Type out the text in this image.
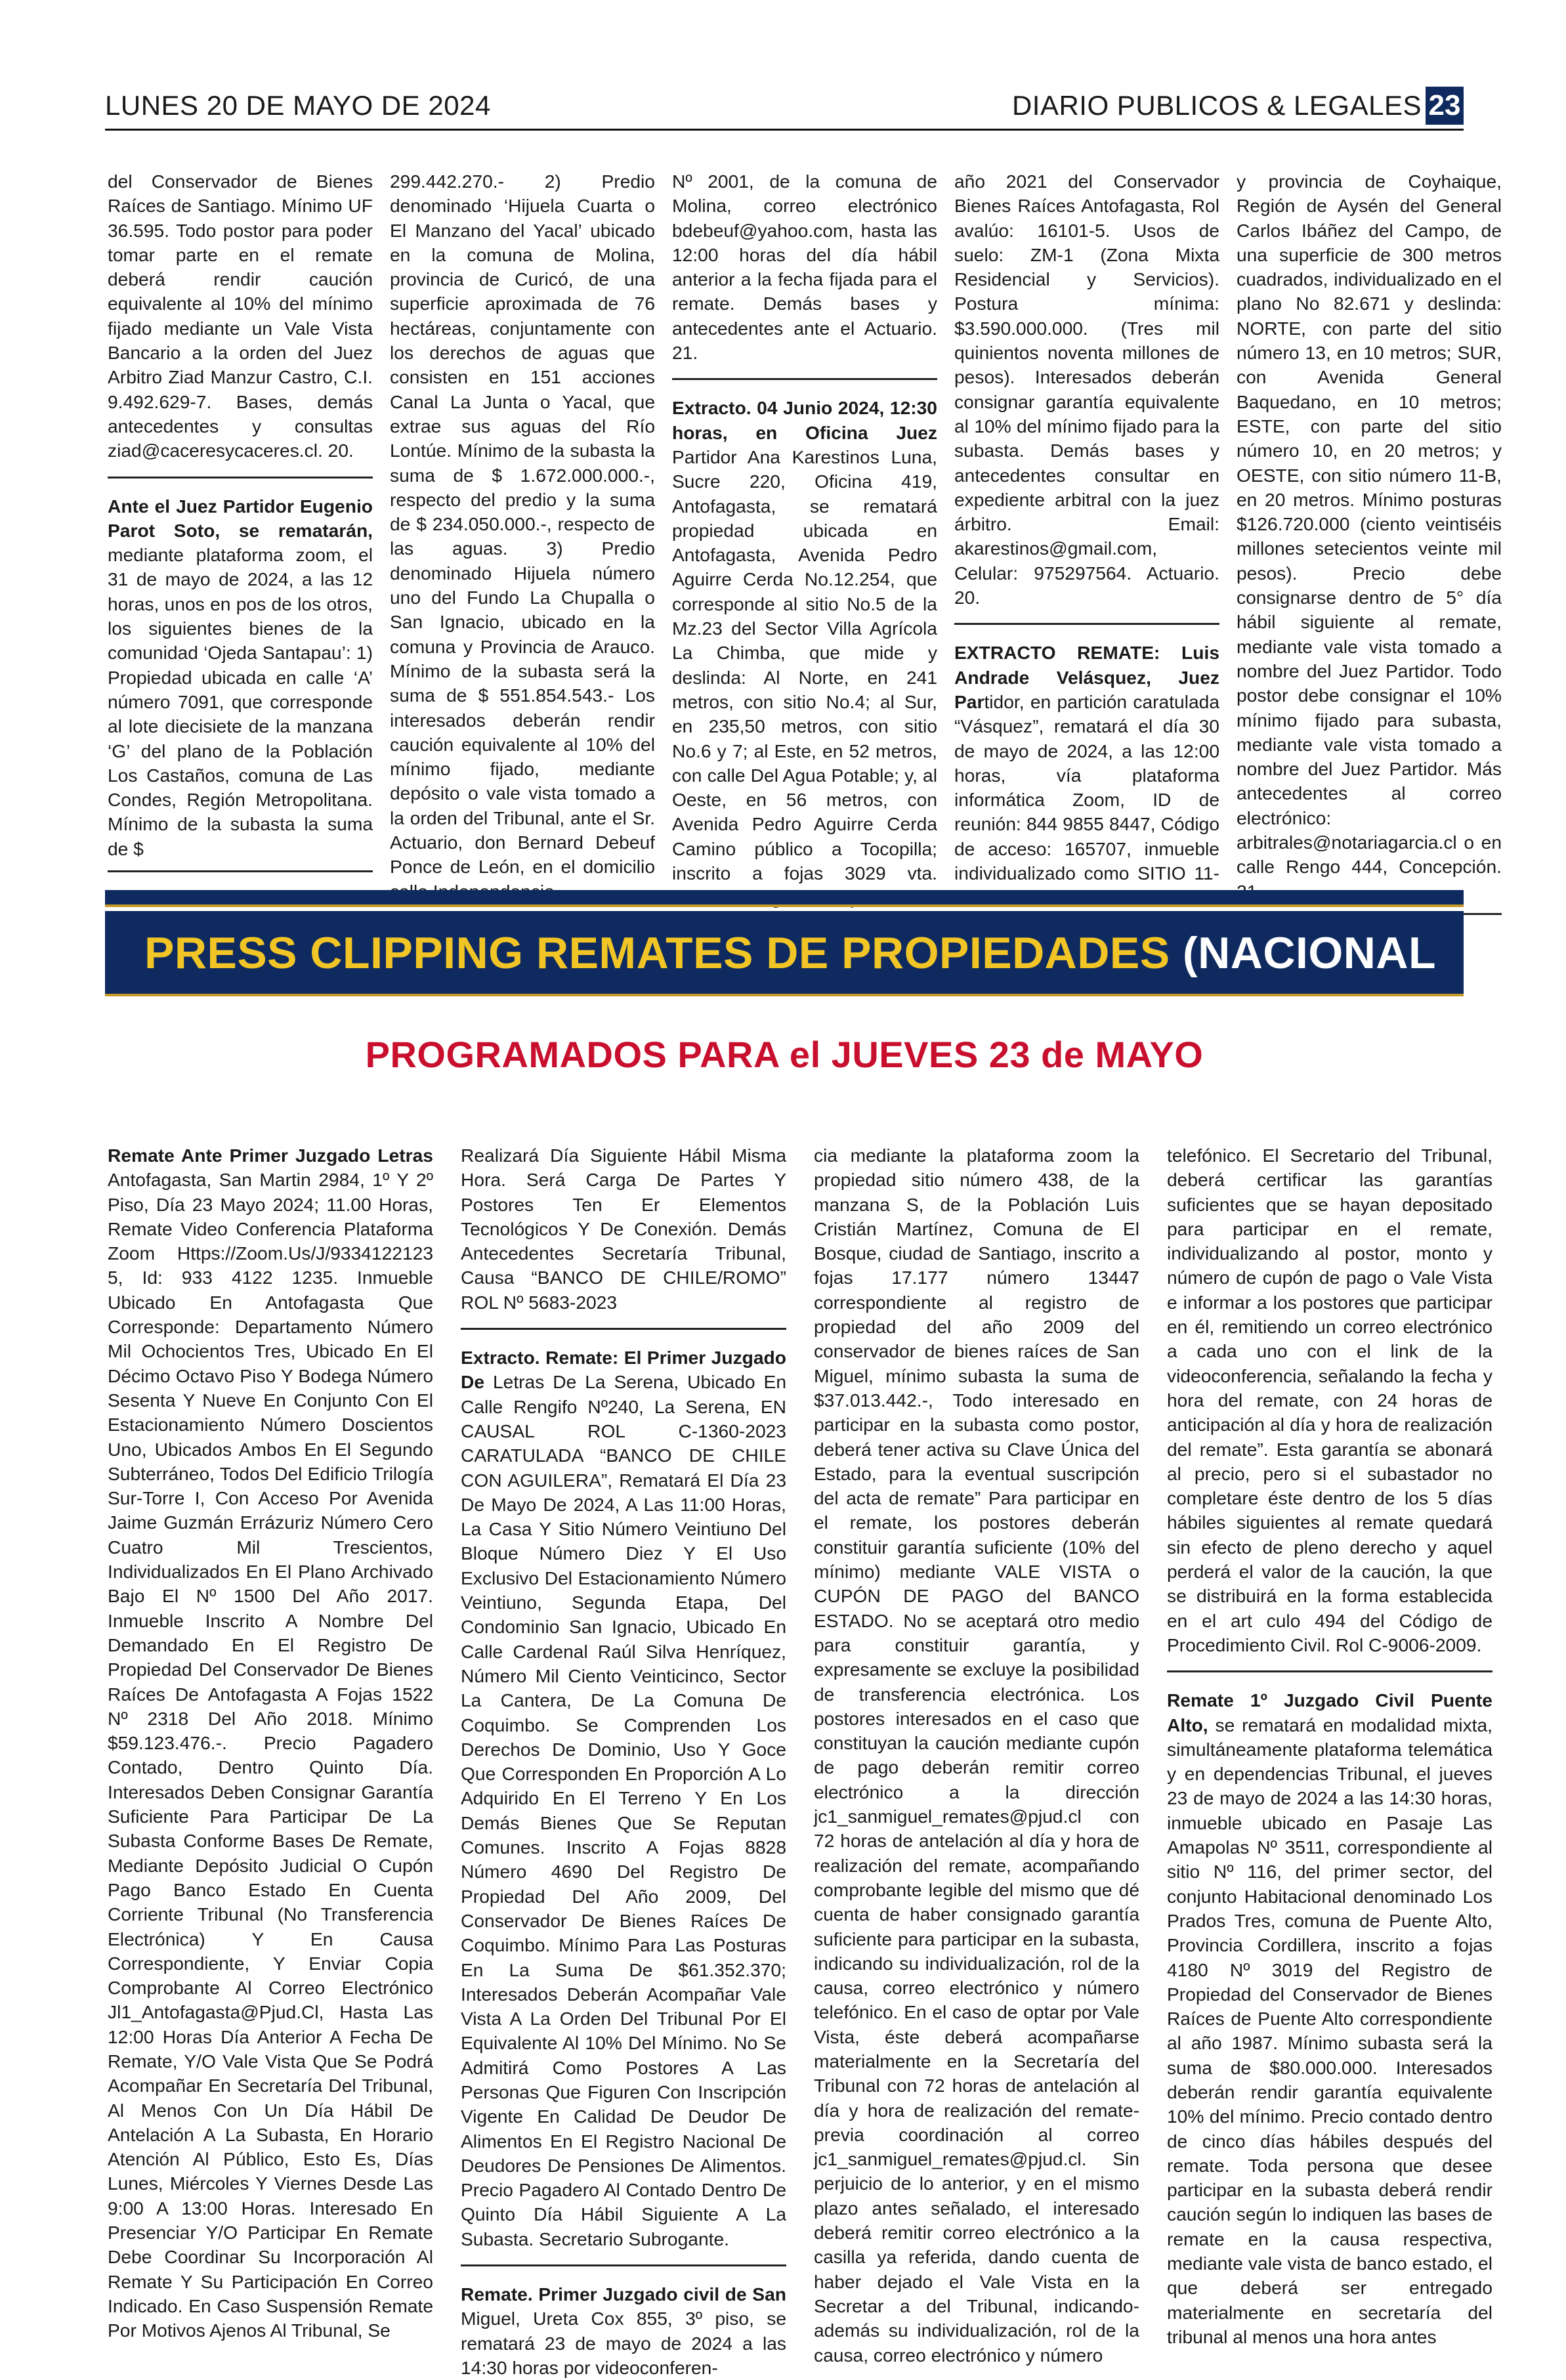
LUNES 20 DE MAYO DE 2024	DIARIO PUBLICOS & LEGALES 23

del Conservador de Bienes Raíces de Santiago. Mínimo UF 36.595. Todo postor para poder tomar parte en el remate deberá rendir caución equivalente al 10% del mínimo fijado mediante un Vale Vista Bancario a la orden del Juez Arbitro Ziad Manzur Castro, C.I. 9.492.629-7. Bases, demás antecedentes y consultas ziad@caceresycaceres.cl. 20.

Ante el Juez Partidor Eugenio Parot Soto, se rematarán, mediante plataforma zoom, el 31 de mayo de 2024, a las 12 horas, unos en pos de los otros, los siguientes bienes de la comunidad ‘Ojeda Santapau’: 1) Propiedad ubicada en calle ‘A’ número 7091, que corresponde al lote diecisiete de la manzana ‘G’ del plano de la Población Los Castaños, comuna de Las Condes, Región Metropolitana. Mínimo de la subasta la suma de $

299.442.270.- 2) Predio denominado ‘Hijuela Cuarta o El Manzano del Yacal’ ubicado en la comuna de Molina, provincia de Curicó, de una superficie aproximada de 76 hectáreas, conjuntamente con los derechos de aguas que consisten en 151 acciones Canal La Junta o Yacal, que extrae sus aguas del Río Lontúe. Mínimo de la subasta la suma de $ 1.672.000.000.-, respecto del predio y la suma de $ 234.050.000.-, respecto de las aguas. 3) Predio denominado Hijuela número uno del Fundo La Chupalla o San Ignacio, ubicado en la comuna y Provincia de Arauco. Mínimo de la subasta será la suma de $ 551.854.543.- Los interesados deberán rendir caución equivalente al 10% del mínimo fijado, mediante depósito o vale vista tomado a la orden del Tribunal, ante el Sr. Actuario, don Bernard Debeuf Ponce de León, en el domicilio

Nº 2001, de la comuna de Molina, correo electrónico bdebeuf@yahoo.com, hasta las 12:00 horas del día hábil anterior a la fecha fijada para el remate. Demás bases y antecedentes ante el Actuario. 21.

Extracto. 04 Junio 2024, 12:30 horas, en Oficina Juez Partidor Ana Karestinos Luna, Sucre 220, Oficina 419, Antofagasta, se rematará propiedad ubicada en Antofagasta, Avenida Pedro Aguirre Cerda No.12.254, que corresponde al sitio No.5 de la Mz.23 del Sector Villa Agrícola La Chimba, que mide y deslinda: Al Norte, en 241 metros, con sitio No.4; al Sur, en 235,50 metros, con sitio No.6 y 7; al Este, en 52 metros, con calle Del Agua Potable; y, al Oeste, en 56 metros, con Avenida Pedro Aguirre Cerda Camino público a Tocopilla; inscrito a fojas 3029 vta.

año 2021 del Conservador Bienes Raíces Antofagasta, Rol avalúo: 16101-5. Usos de suelo: ZM-1 (Zona Mixta Residencial y Servicios). Postura mínima: $3.590.000.000. (Tres mil quinientos noventa millones de pesos). Interesados deberán consignar garantía equivalente al 10% del mínimo fijado para la subasta. Demás bases y antecedentes consultar en expediente arbitral con la juez árbitro. Email: akarestinos@gmail.com, Celular: 975297564. Actuario. 20.

EXTRACTO REMATE: Luis Andrade Velásquez, Juez Partidor, en partición caratulada “Vásquez”, rematará el día 30 de mayo de 2024, a las 12:00 horas, vía plataforma informática Zoom, ID de reunión: 844 9855 8447, Código de acceso: 165707, inmueble individualizado como SITIO 11-

y provincia de Coyhaique, Región de Aysén del General Carlos Ibáñez del Campo, de una superficie de 300 metros cuadrados, individualizado en el plano No 82.671 y deslinda: NORTE, con parte del sitio número 13, en 10 metros; SUR, con Avenida General Baquedano, en 10 metros; ESTE, con parte del sitio número 10, en 20 metros; y OESTE, con sitio número 11-B, en 20 metros. Mínimo posturas $126.720.000 (ciento veintiséis millones setecientos veinte mil pesos). Precio debe consignarse dentro de 5° día hábil siguiente al remate, mediante vale vista tomado a nombre del Juez Partidor. Todo postor debe consignar el 10% mínimo fijado para subasta, mediante vale vista tomado a nombre del Juez Partidor. Más antecedentes al correo electrónico: arbitrales@notariagarcia.cl o en calle Rengo 444, Concepción.

PRESS CLIPPING REMATES DE PROPIEDADES (NACIONAL
PROGRAMADOS PARA el JUEVES 23 de MAYO

Remate Ante Primer Juzgado Letras Antofagasta, San Martin 2984, 1º Y 2º Piso, Día 23 Mayo 2024; 11.00 Horas, Remate Video Conferencia Plataforma Zoom Https://Zoom.Us/J/9334122123 5, Id: 933 4122 1235. Inmueble Ubicado En Antofagasta Que Corresponde: Departamento Número Mil Ochocientos Tres, Ubicado En El Décimo Octavo Piso Y Bodega Número Sesenta Y Nueve En Conjunto Con El Estacionamiento Número Doscientos Uno, Ubicados Ambos En El Segundo Subterráneo, Todos Del Edificio Trilogía Sur-Torre I, Con Acceso Por Avenida Jaime Guzmán Errázuriz Número Cero Cuatro Mil Trescientos, Individualizados En El Plano Archivado Bajo El Nº 1500 Del Año 2017. Inmueble Inscrito A Nombre Del Demandado En El Registro De Propiedad Del Conservador De Bienes Raíces De Antofagasta A Fojas 1522 Nº 2318 Del Año 2018. Mínimo $59.123.476.-. Precio Pagadero Contado, Dentro Quinto Día. Interesados Deben Consignar Garantía Suficiente Para Participar De La Subasta Conforme Bases De Remate, Mediante Depósito Judicial O Cupón Pago Banco Estado En Cuenta Corriente Tribunal (No Transferencia Electrónica) Y En Causa Correspondiente, Y Enviar Copia Comprobante Al Correo Electrónico Jl1_Antofagasta@Pjud.Cl, Hasta Las 12:00 Horas Día Anterior A Fecha De Remate, Y/O Vale Vista Que Se Podrá Acompañar En Secretaría Del Tribunal, Al Menos Con Un Día Hábil De Antelación A La Subasta, En Horario Atención Al Público, Esto Es, Días Lunes, Miércoles Y Viernes Desde Las 9:00 A 13:00 Horas. Interesado En Presenciar Y/O Participar En Remate Debe Coordinar Su Incorporación Al Remate Y Su Participación En Correo Indicado. En Caso Suspensión Remate Por Motivos Ajenos Al Tribunal, Se

Realizará Día Siguiente Hábil Misma Hora. Será Carga De Partes Y Postores Ten Er Elementos Tecnológicos Y De Conexión. Demás Antecedentes Secretaría Tribunal, Causa “BANCO DE CHILE/ROMO” ROL Nº 5683-2023

Extracto. Remate: El Primer Juzgado De Letras De La Serena, Ubicado En Calle Rengifo Nº240, La Serena, EN CAUSAL ROL C-1360-2023 CARATULADA “BANCO DE CHILE CON AGUILERA”, Rematará El Día 23 De Mayo De 2024, A Las 11:00 Horas, La Casa Y Sitio Número Veintiuno Del Bloque Número Diez Y El Uso Exclusivo Del Estacionamiento Número Veintiuno, Segunda Etapa, Del Condominio San Ignacio, Ubicado En Calle Cardenal Raúl Silva Henríquez, Número Mil Ciento Veinticinco, Sector La Cantera, De La Comuna De Coquimbo. Se Comprenden Los Derechos De Dominio, Uso Y Goce Que Corresponden En Proporción A Lo Adquirido En El Terreno Y En Los Demás Bienes Que Se Reputan Comunes. Inscrito A Fojas 8828 Número 4690 Del Registro De Propiedad Del Año 2009, Del Conservador De Bienes Raíces De Coquimbo. Mínimo Para Las Posturas En La Suma De $61.352.370; Interesados Deberán Acompañar Vale Vista A La Orden Del Tribunal Por El Equivalente Al 10% Del Mínimo. No Se Admitirá Como Postores A Las Personas Que Figuren Con Inscripción Vigente En Calidad De Deudor De Alimentos En El Registro Nacional De Deudores De Pensiones De Alimentos. Precio Pagadero Al Contado Dentro De Quinto Día Hábil Siguiente A La Subasta. Secretario Subrogante.

Remate. Primer Juzgado civil de San Miguel, Ureta Cox 855, 3º piso, se rematará 23 de mayo de 2024 a las 14:30 horas por videoconferen-

cia mediante la plataforma zoom la propiedad sitio número 438, de la manzana S, de la Población Luis Cristián Martínez, Comuna de El Bosque, ciudad de Santiago, inscrito a fojas 17.177 número 13447 correspondiente al registro de propiedad del año 2009 del conservador de bienes raíces de San Miguel, mínimo subasta la suma de $37.013.442.-, Todo interesado en participar en la subasta como postor, deberá tener activa su Clave Única del Estado, para la eventual suscripción del acta de remate” Para participar en el remate, los postores deberán constituir garantía suficiente (10% del mínimo) mediante VALE VISTA o CUPÓN DE PAGO del BANCO ESTADO. No se aceptará otro medio para constituir garantía, y expresamente se excluye la posibilidad de transferencia electrónica. Los postores interesados en el caso que constituyan la caución mediante cupón de pago deberán remitir correo electrónico a la dirección jc1_sanmiguel_remates@pjud.cl con 72 horas de antelación al día y hora de realización del remate, acompañando comprobante legible del mismo que dé cuenta de haber consignado garantía suficiente para participar en la subasta, indicando su individualización, rol de la causa, correo electrónico y número telefónico. En el caso de optar por Vale Vista, éste deberá acompañarse materialmente en la Secretaría del Tribunal con 72 horas de antelación al día y hora de realización del remate- previa coordinación al correo jc1_sanmiguel_remates@pjud.cl. Sin perjuicio de lo anterior, y en el mismo plazo antes señalado, el interesado deberá remitir correo electrónico a la casilla ya referida, dando cuenta de haber dejado el Vale Vista en la Secretar a del Tribunal, indicando- además su individualización, rol de la causa, correo electrónico y número

telefónico. El Secretario del Tribunal, deberá certificar las garantías suficientes que se hayan depositado para participar en el remate, individualizando al postor, monto y número de cupón de pago o Vale Vista e informar a los postores que participar en él, remitiendo un correo electrónico a cada uno con el link de la videoconferencia, señalando la fecha y hora del remate, con 24 horas de anticipación al día y hora de realización del remate”. Esta garantía se abonará al precio, pero si el subastador no completare éste dentro de los 5 días hábiles siguientes al remate quedará sin efecto de pleno derecho y aquel perderá el valor de la caución, la que se distribuirá en la forma establecida en el art culo 494 del Código de Procedimiento Civil. Rol C-9006-2009.

Remate 1º Juzgado Civil Puente Alto, se rematará en modalidad mixta, simultáneamente plataforma telemática y en dependencias Tribunal, el jueves 23 de mayo de 2024 a las 14:30 horas, inmueble ubicado en Pasaje Las Amapolas Nº 3511, correspondiente al sitio Nº 116, del primer sector, del conjunto Habitacional denominado Los Prados Tres, comuna de Puente Alto, Provincia Cordillera, inscrito a fojas 4180 Nº 3019 del Registro de Propiedad del Conservador de Bienes Raíces de Puente Alto correspondiente al año 1987. Mínimo subasta será la suma de $80.000.000. Interesados deberán rendir garantía equivalente 10% del mínimo. Precio contado dentro de cinco días hábiles después del remate. Toda persona que desee participar en la subasta deberá rendir caución según lo indiquen las bases de remate en la causa respectiva, mediante vale vista de banco estado, el que deberá ser entregado materialmente en secretaría del tribunal al menos una hora antes
